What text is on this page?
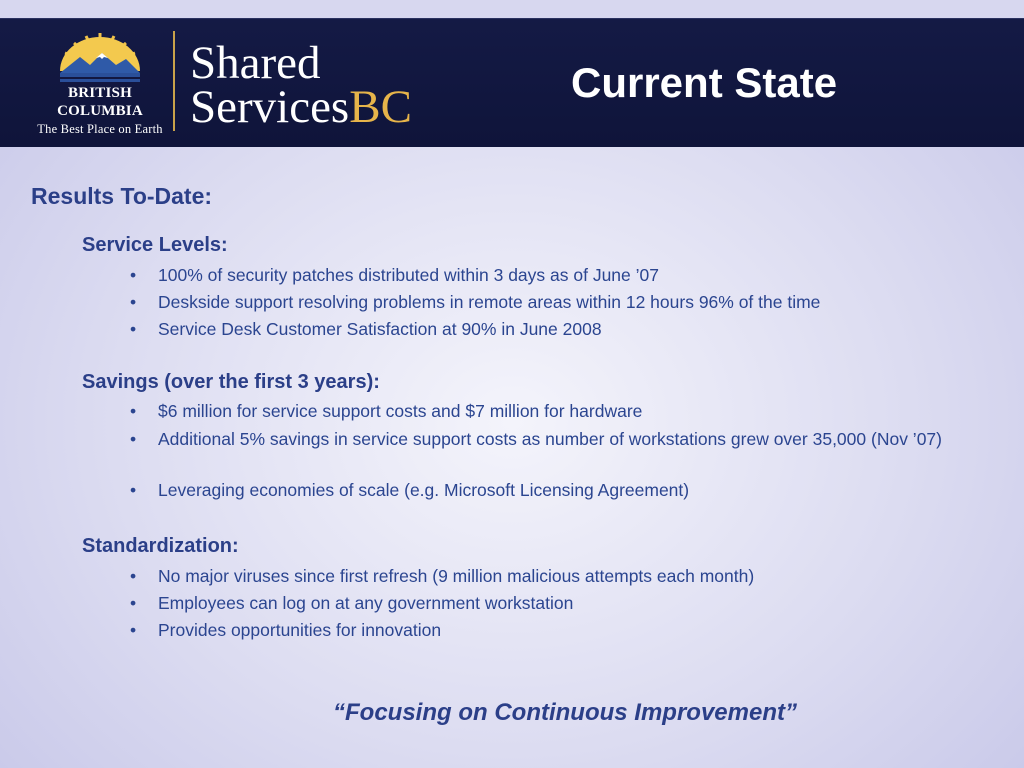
BRITISH
COLUMBIA
The Best Place on Earth
Shared
ServicesBC	Current State
Results To-Date:
Service Levels:
• 100% of security patches distributed within 3 days as of June ’07
• Deskside support resolving problems in remote areas within 12 hours 96% of the time
• Service Desk Customer Satisfaction at 90% in June 2008
Savings (over the first 3 years):
• $6 million for service support costs and $7 million for hardware
• Additional 5% savings in service support costs as number of workstations grew over 35,000 (Nov ’07)
• Leveraging economies of scale (e.g. Microsoft Licensing Agreement)
Standardization:
• No major viruses since first refresh (9 million malicious attempts each month)
• Employees can log on at any government workstation
• Provides opportunities for innovation
“Focusing on Continuous Improvement”
